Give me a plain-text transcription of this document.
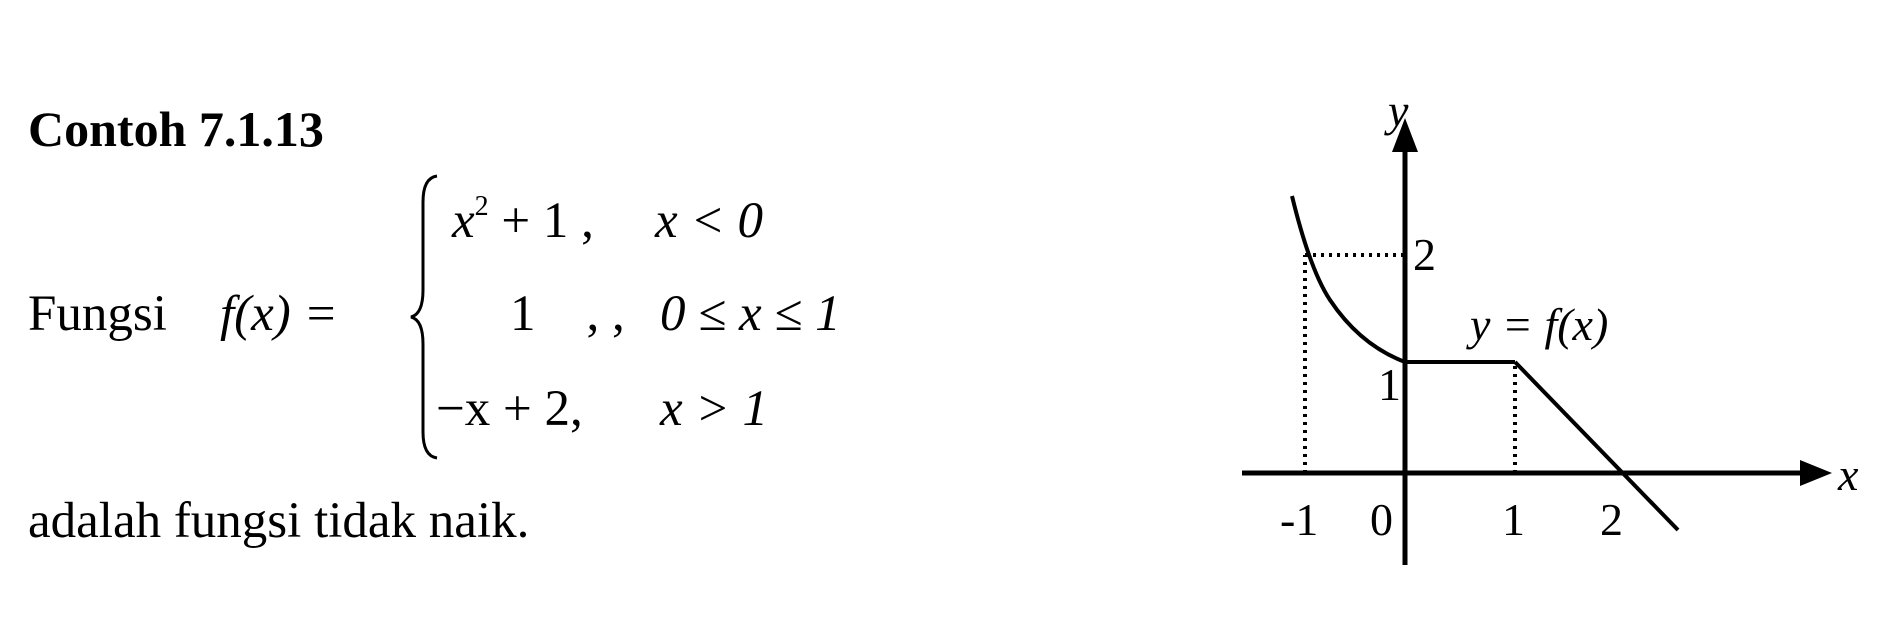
Contoh 7.1.13
Fungsi f(x) =
$x^2 + 1$ , x < 0
1    , , 0 ≤ x ≤ 1
−x + 2, x > 1
adalah fungsi tidak naik.
y
x
2
1
-1 0 1 2
y = f(x)
